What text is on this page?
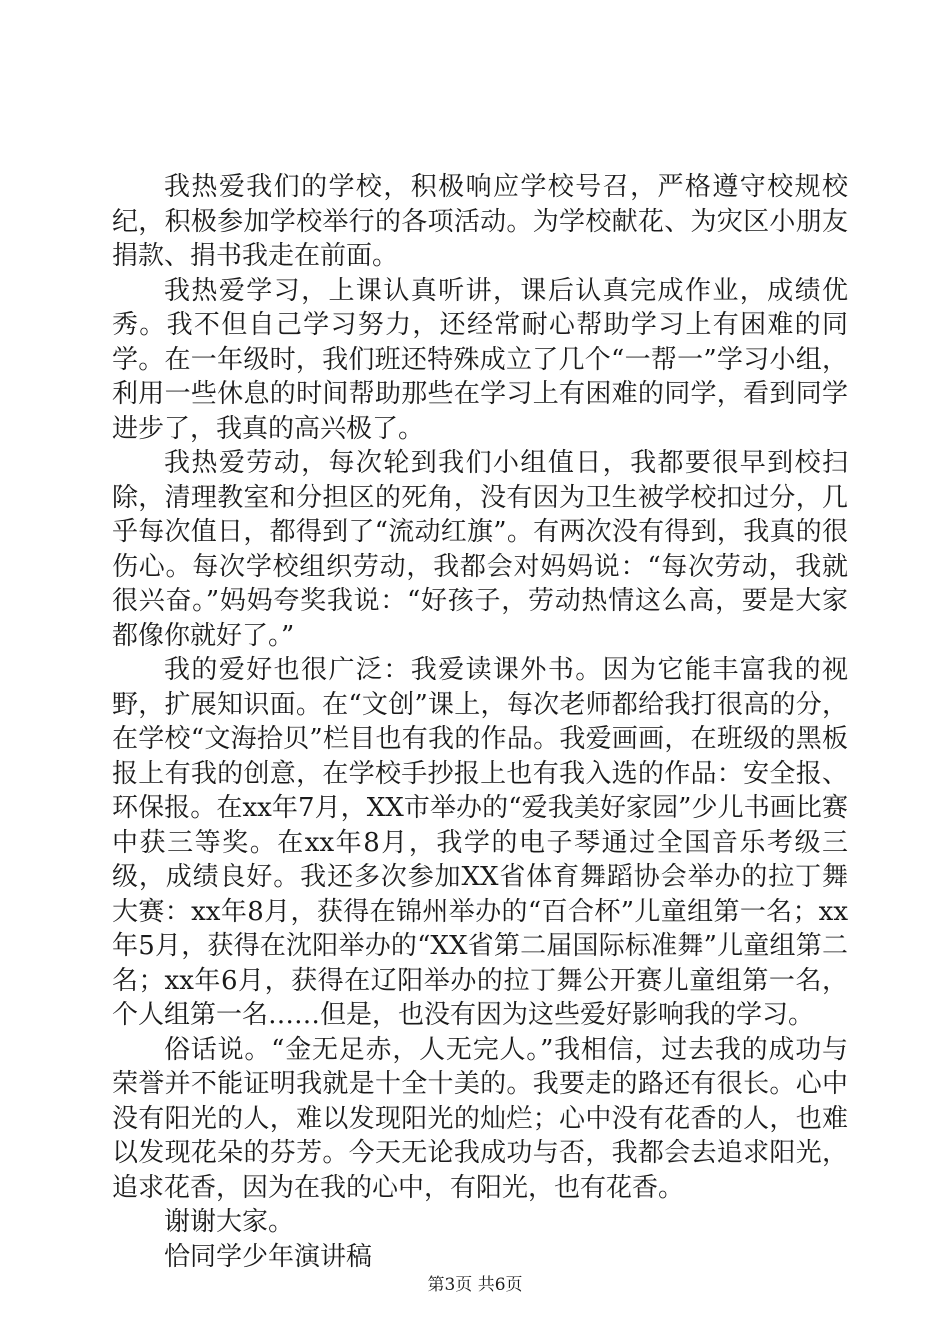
我热爱我们的学校，积极响应学校号召，严格遵守校规校纪，积极参加学校举行的各项活动。为学校献花、为灾区小朋友捐款、捐书我走在前面。

我热爱学习，上课认真听讲，课后认真完成作业，成绩优秀。我不但自己学习努力，还经常耐心帮助学习上有困难的同学。在一年级时，我们班还特殊成立了几个“一帮一”学习小组，利用一些休息的时间帮助那些在学习上有困难的同学，看到同学进步了，我真的高兴极了。

我热爱劳动，每次轮到我们小组值日，我都要很早到校扫除，清理教室和分担区的死角，没有因为卫生被学校扣过分，几乎每次值日，都得到了“流动红旗”。有两次没有得到，我真的很伤心。每次学校组织劳动，我都会对妈妈说：“每次劳动，我就很兴奋。”妈妈夸奖我说：“好孩子，劳动热情这么高，要是大家都像你就好了。”

我的爱好也很广泛：我爱读课外书。因为它能丰富我的视野，扩展知识面。在“文创”课上，每次老师都给我打很高的分，在学校“文海拾贝”栏目也有我的作品。我爱画画，在班级的黑板报上有我的创意，在学校手抄报上也有我入选的作品：安全报、环保报。在xx年7月，XX市举办的“爱我美好家园”少儿书画比赛中获三等奖。在xx年8月，我学的电子琴通过全国音乐考级三级，成绩良好。我还多次参加XX省体育舞蹈协会举办的拉丁舞大赛：xx年8月，获得在锦州举办的“百合杯”儿童组第一名；xx年5月，获得在沈阳举办的“XX省第二届国际标准舞”儿童组第二名；xx年6月，获得在辽阳举办的拉丁舞公开赛儿童组第一名，个人组第一名……但是，也没有因为这些爱好影响我的学习。

俗话说。“金无足赤，人无完人。”我相信，过去我的成功与荣誉并不能证明我就是十全十美的。我要走的路还有很长。心中没有阳光的人，难以发现阳光的灿烂；心中没有花香的人，也难以发现花朵的芬芳。今天无论我成功与否，我都会去追求阳光，追求花香，因为在我的心中，有阳光，也有花香。

谢谢大家。

恰同学少年演讲稿

第3页 共6页
